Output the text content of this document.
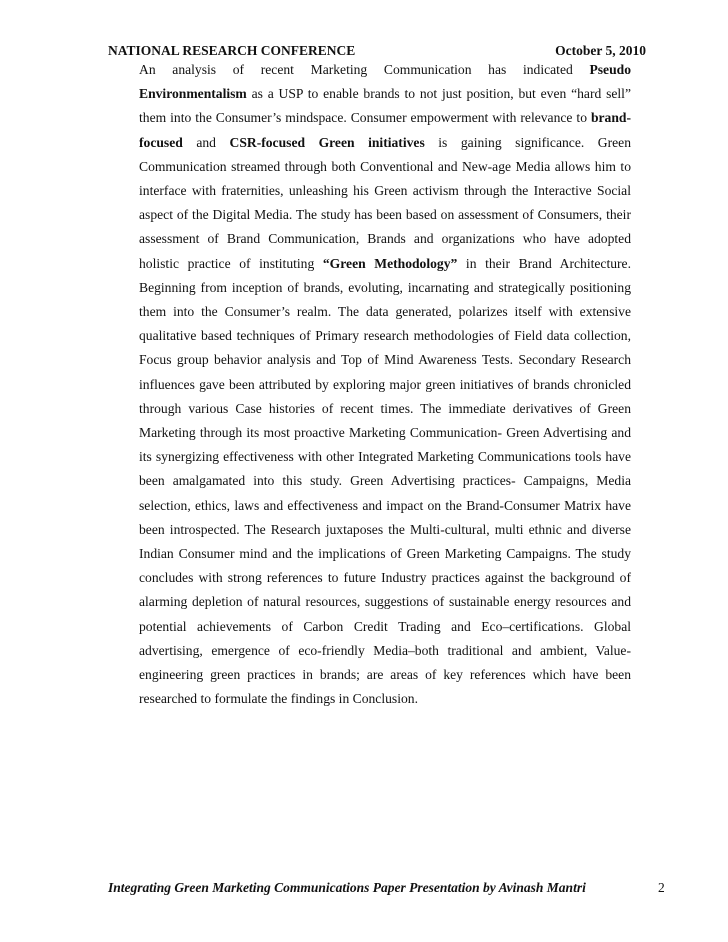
NATIONAL RESEARCH CONFERENCE	October 5, 2010

An analysis of recent Marketing Communication has indicated Pseudo Environmentalism as a USP to enable brands to not just position, but even “hard sell” them into the Consumer’s mindspace. Consumer empowerment with relevance to brand-focused and CSR-focused Green initiatives is gaining significance. Green Communication streamed through both Conventional and New-age Media allows him to interface with fraternities, unleashing his Green activism through the Interactive Social aspect of the Digital Media. The study has been based on assessment of Consumers, their assessment of Brand Communication, Brands and organizations who have adopted holistic practice of instituting “Green Methodology” in their Brand Architecture. Beginning from inception of brands, evoluting, incarnating and strategically positioning them into the Consumer’s realm. The data generated, polarizes itself with extensive qualitative based techniques of Primary research methodologies of Field data collection, Focus group behavior analysis and Top of Mind Awareness Tests. Secondary Research influences gave been attributed by exploring major green initiatives of brands chronicled through various Case histories of recent times. The immediate derivatives of Green Marketing through its most proactive Marketing Communication- Green Advertising and its synergizing effectiveness with other Integrated Marketing Communications tools have been amalgamated into this study. Green Advertising practices- Campaigns, Media selection, ethics, laws and effectiveness and impact on the Brand-Consumer Matrix have been introspected. The Research juxtaposes the Multi-cultural, multi ethnic and diverse Indian Consumer mind and the implications of Green Marketing Campaigns. The study concludes with strong references to future Industry practices against the background of alarming depletion of natural resources, suggestions of sustainable energy resources and potential achievements of Carbon Credit Trading and Eco–certifications. Global advertising, emergence of eco-friendly Media–both traditional and ambient, Value- engineering green practices in brands; are areas of key references which have been researched to formulate the findings in Conclusion.

Integrating Green Marketing Communications Paper Presentation by Avinash Mantri	2
